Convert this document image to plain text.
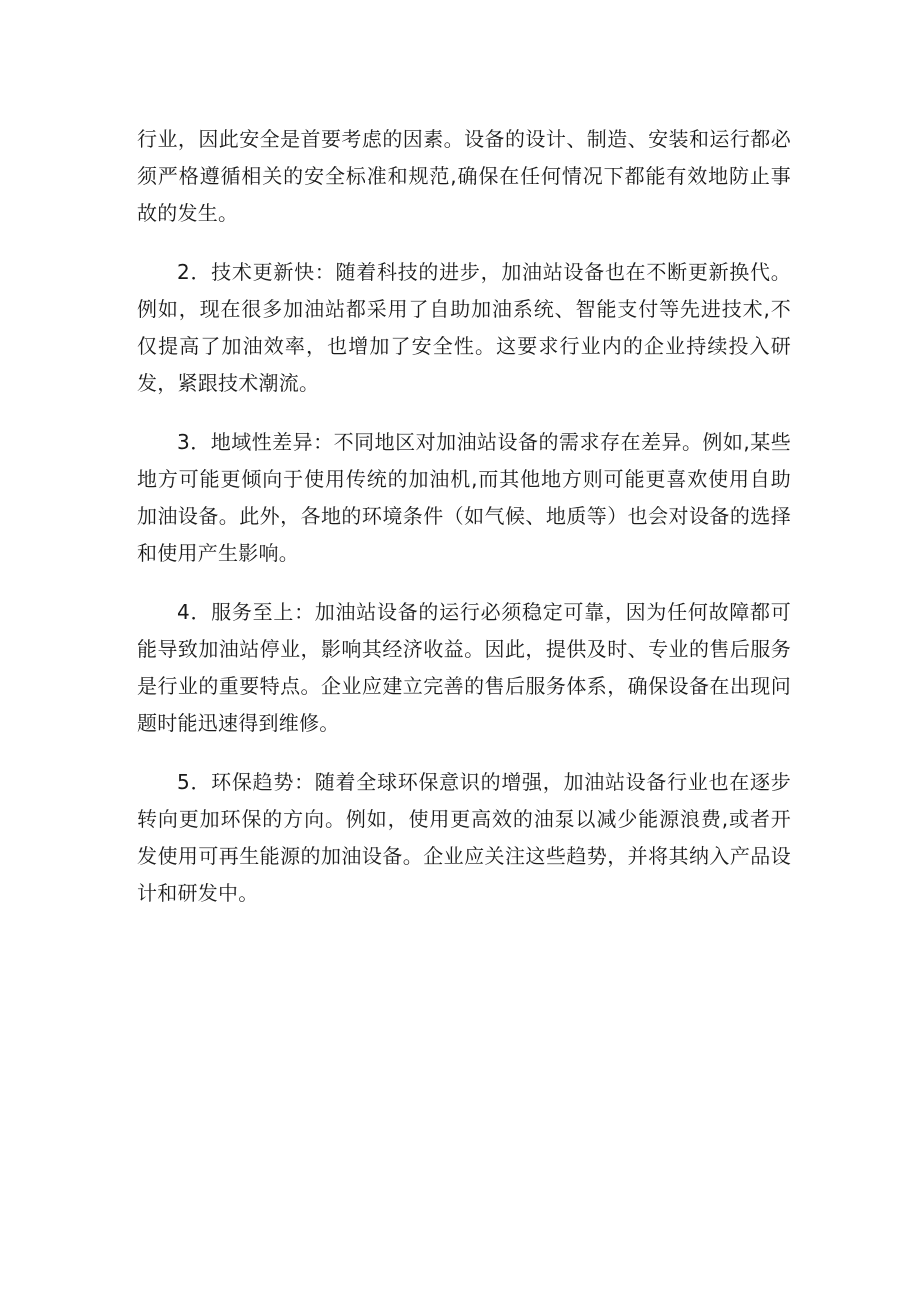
行业，因此安全是首要考虑的因素。设备的设计、制造、安装和运行都必须严格遵循相关的安全标准和规范,确保在任何情况下都能有效地防止事故的发生。

2．技术更新快：随着科技的进步，加油站设备也在不断更新换代。例如，现在很多加油站都采用了自助加油系统、智能支付等先进技术,不仅提高了加油效率，也增加了安全性。这要求行业内的企业持续投入研发，紧跟技术潮流。

3．地域性差异：不同地区对加油站设备的需求存在差异。例如,某些地方可能更倾向于使用传统的加油机,而其他地方则可能更喜欢使用自助加油设备。此外，各地的环境条件（如气候、地质等）也会对设备的选择和使用产生影响。

4．服务至上：加油站设备的运行必须稳定可靠，因为任何故障都可能导致加油站停业，影响其经济收益。因此，提供及时、专业的售后服务是行业的重要特点。企业应建立完善的售后服务体系，确保设备在出现问题时能迅速得到维修。

5．环保趋势：随着全球环保意识的增强，加油站设备行业也在逐步转向更加环保的方向。例如，使用更高效的油泵以减少能源浪费,或者开发使用可再生能源的加油设备。企业应关注这些趋势，并将其纳入产品设计和研发中。
